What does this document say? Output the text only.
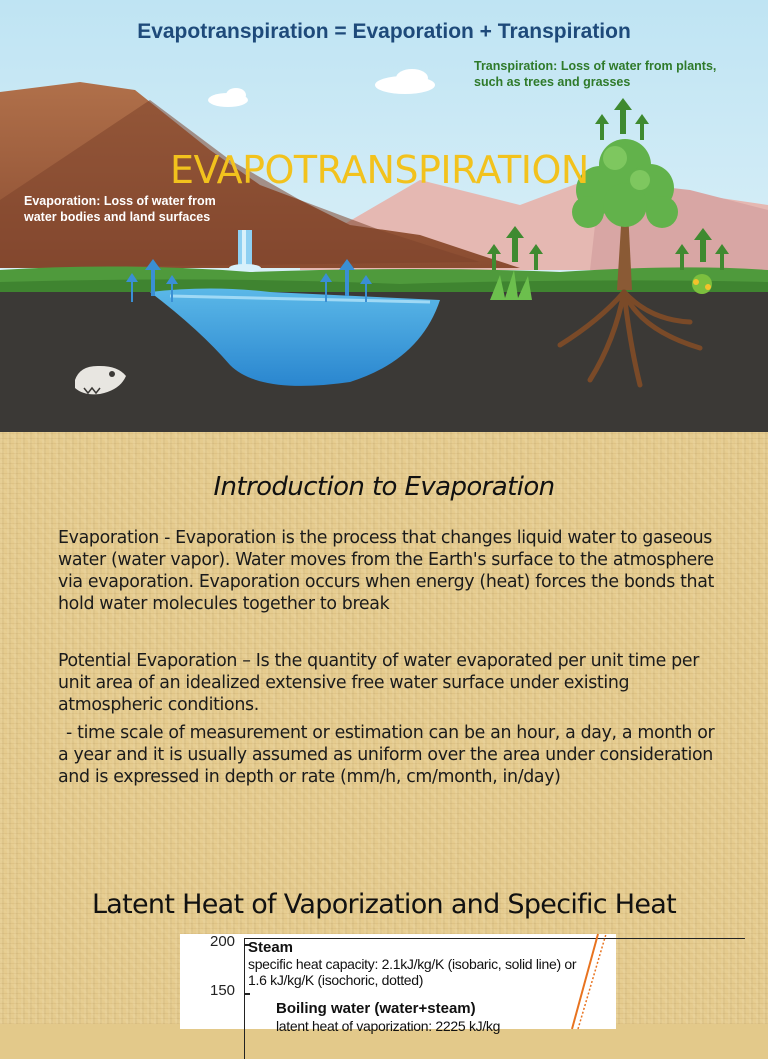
Evapotranspiration = Evaporation + Transpiration
Transpiration: Loss of water from plants, such as trees and grasses
EVAPOTRANSPIRATION
Evaporation: Loss of water from water bodies and land surfaces
Introduction to Evaporation
Evaporation - Evaporation is the process that changes liquid water to gaseous water (water vapor). Water moves from the Earth's surface to the atmosphere via evaporation. Evaporation occurs when energy (heat) forces the bonds that hold water molecules together to break
Potential Evaporation – Is the quantity of water evaporated per unit time per unit area of an idealized extensive free water surface under existing atmospheric conditions.
- time scale of measurement or estimation can be an hour, a day, a month or a year and it is usually assumed as uniform over the area under consideration and is expressed in depth or rate (mm/h, cm/month, in/day)
Latent Heat of Vaporization and Specific Heat
200
150
Steam
specific heat capacity: 2.1kJ/kg/K (isobaric, solid line) or 1.6 kJ/kg/K (isochoric, dotted)
Boiling water (water+steam)
latent heat of vaporization: 2225 kJ/kg
